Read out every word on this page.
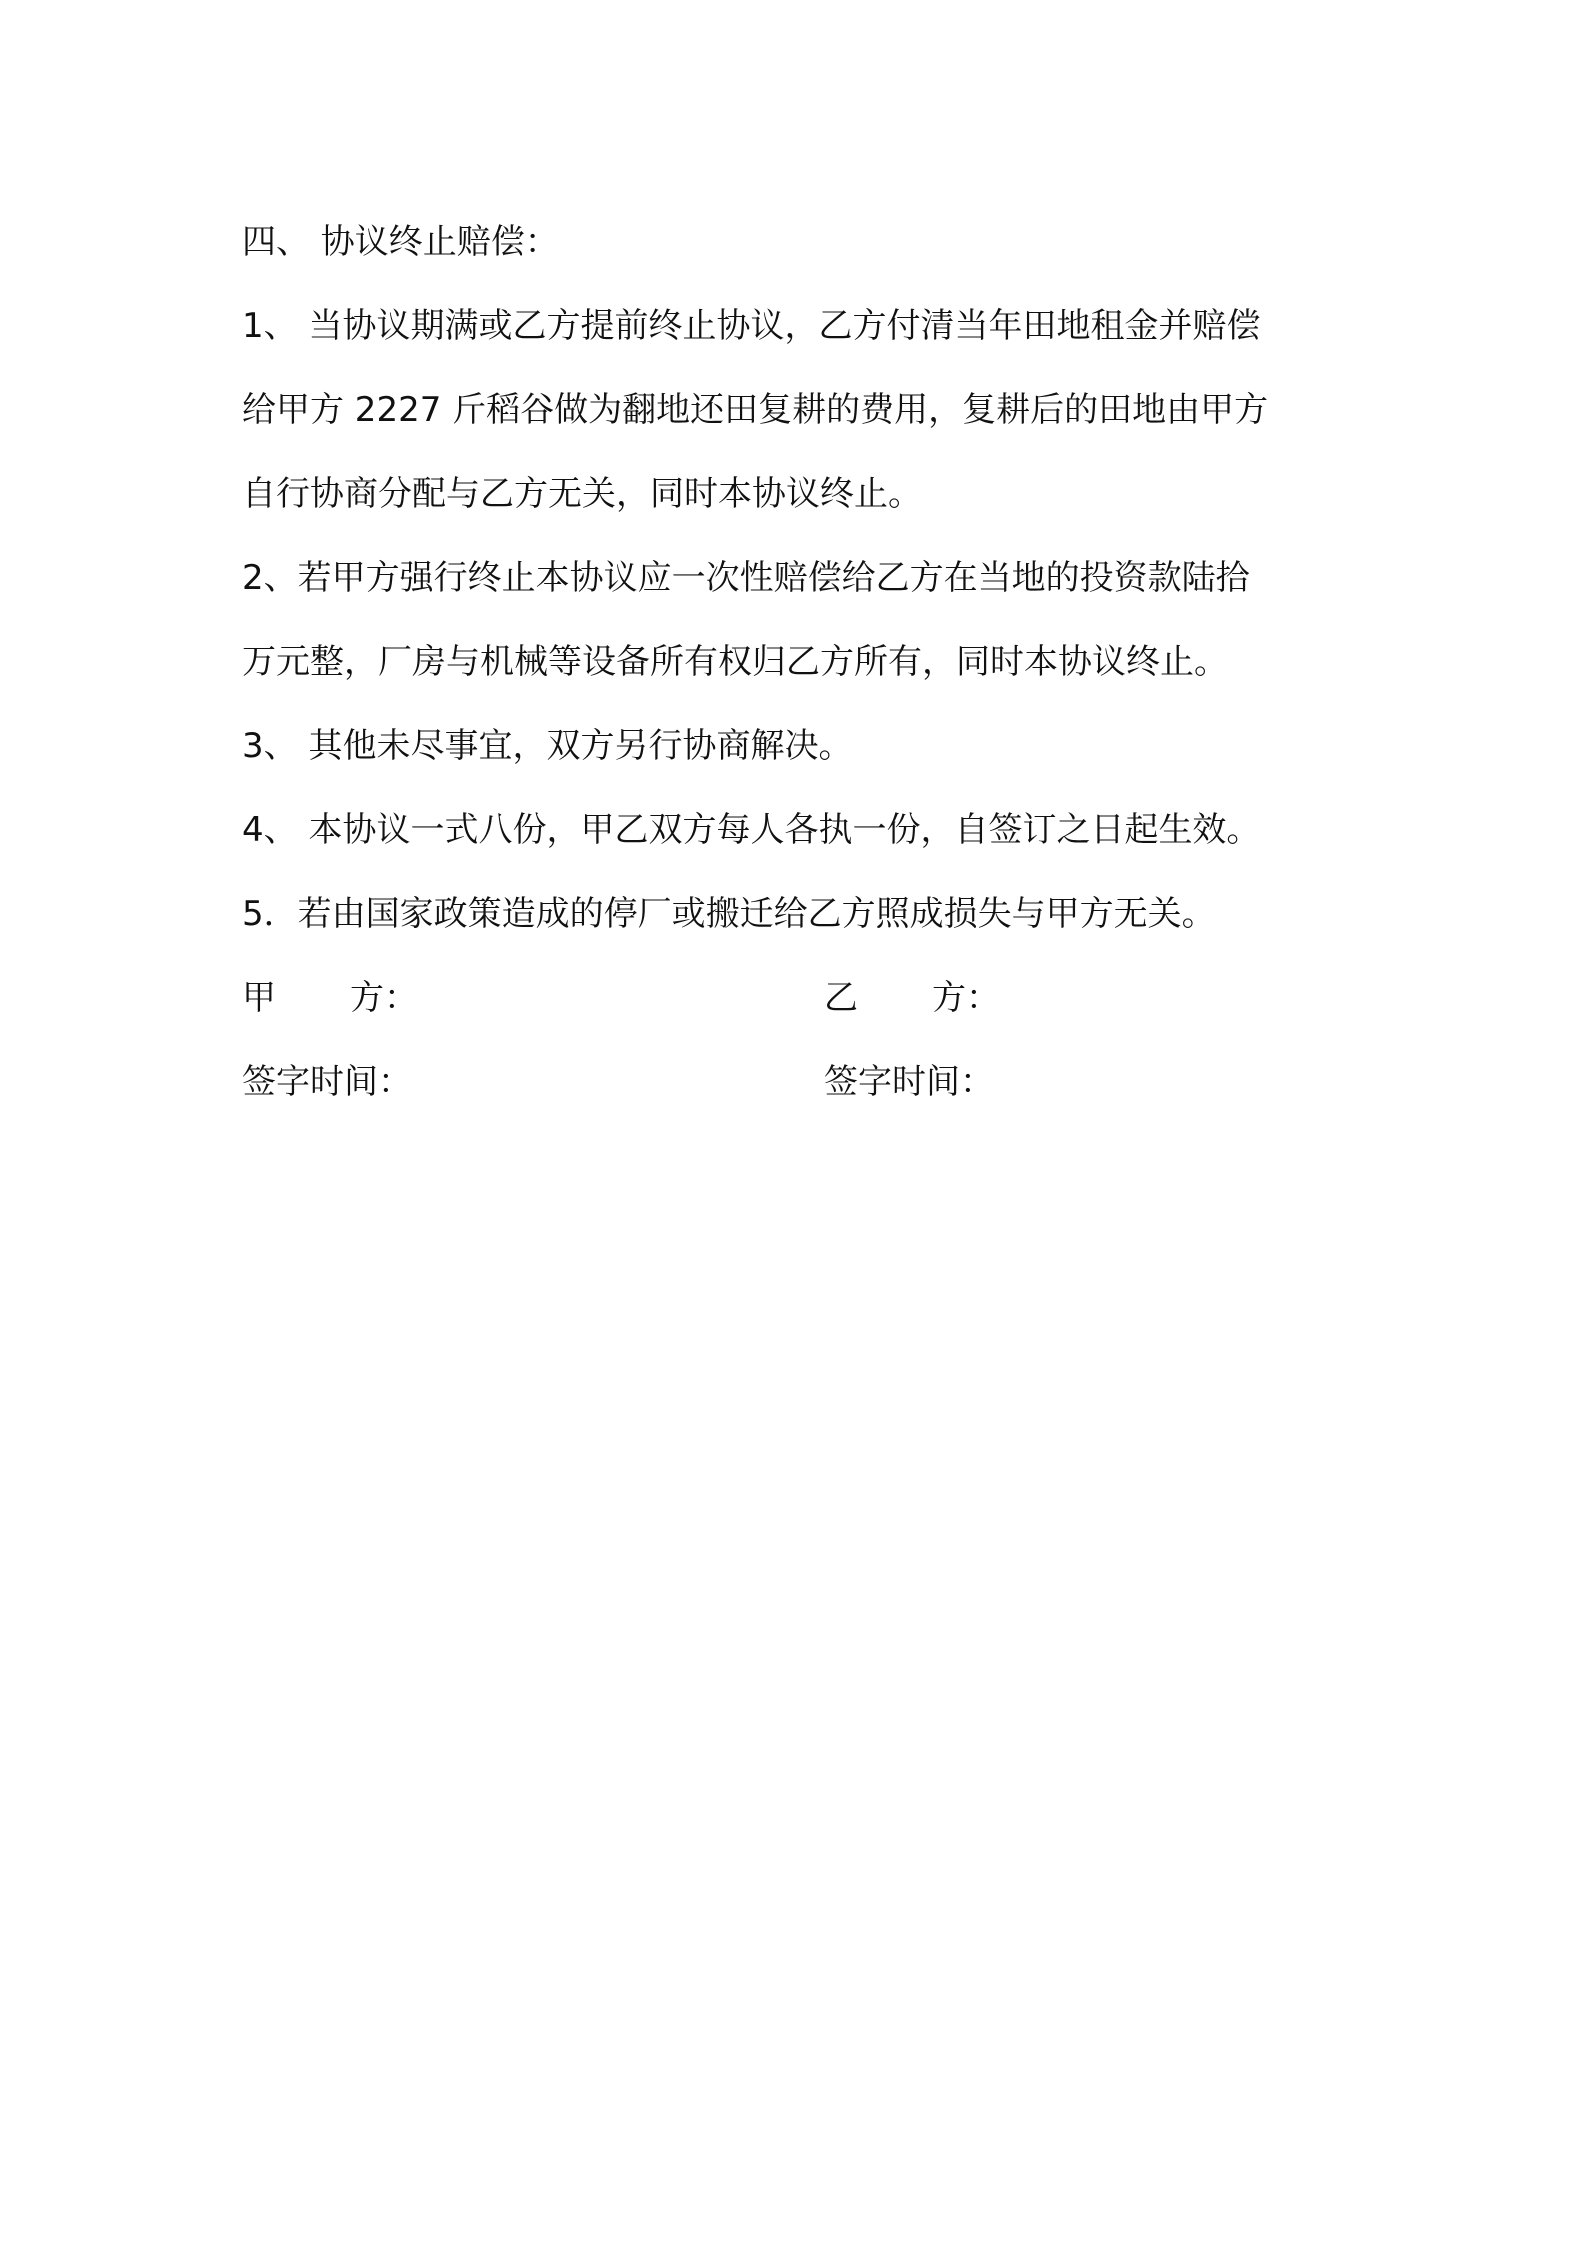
四、 协议终止赔偿：
1、 当协议期满或乙方提前终止协议，乙方付清当年田地租金并赔偿
给甲方 2227 斤稻谷做为翻地还田复耕的费用，复耕后的田地由甲方
自行协商分配与乙方无关，同时本协议终止。
2、若甲方强行终止本协议应一次性赔偿给乙方在当地的投资款陆拾
万元整，厂房与机械等设备所有权归乙方所有，同时本协议终止。
3、 其他未尽事宜，双方另行协商解决。
4、 本协议一式八份，甲乙双方每人各执一份，自签订之日起生效。
5．若由国家政策造成的停厂或搬迁给乙方照成损失与甲方无关。
甲 方：	乙 方：
签字时间：	签字时间：
